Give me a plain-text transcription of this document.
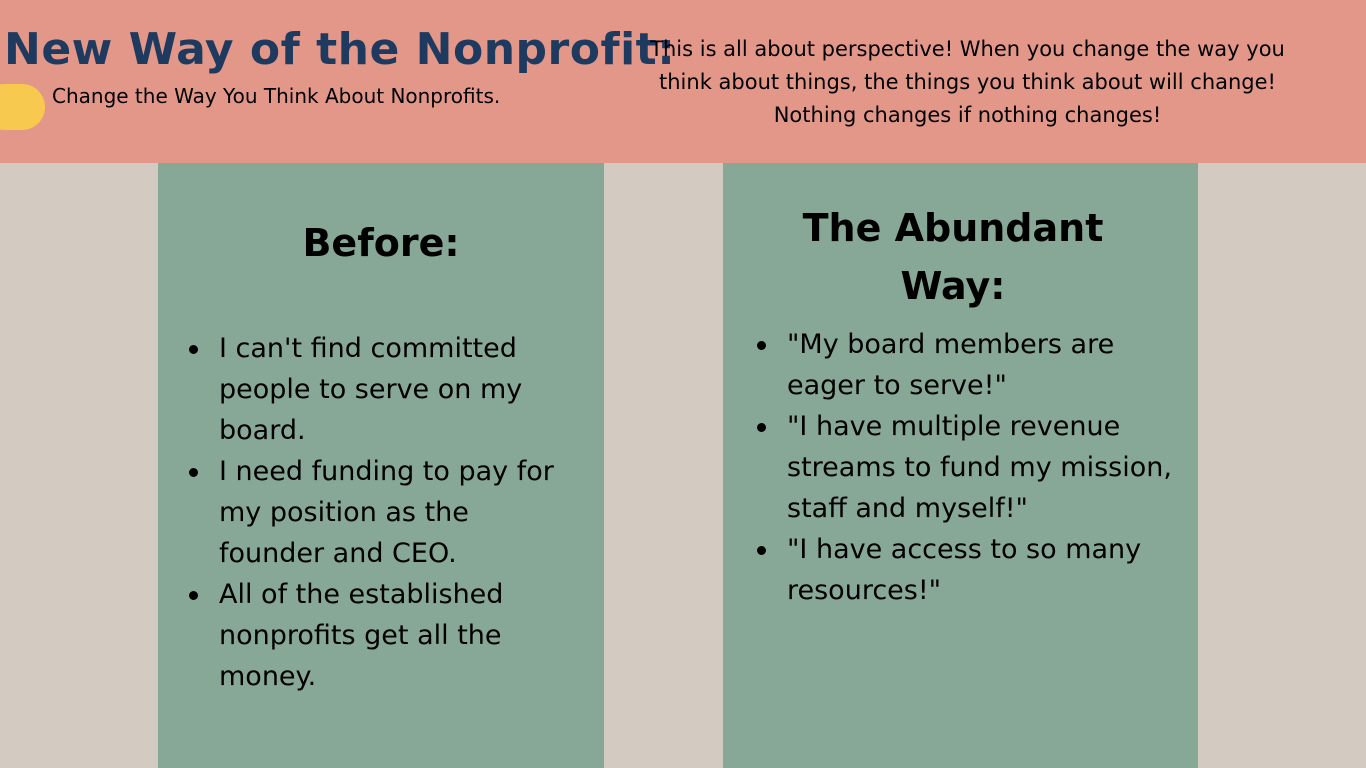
New Way of the Nonprofit:
Change the Way You Think About Nonprofits.
This is all about perspective! When you change the way you think about things, the things you think about will change! Nothing changes if nothing changes!
Before:
I can't find committed people to serve on my board.
I need funding to pay for my position as the founder and CEO.
All of the established nonprofits get all the money.
The Abundant Way:
"My board members are eager to serve!"
"I have multiple revenue streams to fund my mission, staff and myself!"
"I have access to so many resources!"
